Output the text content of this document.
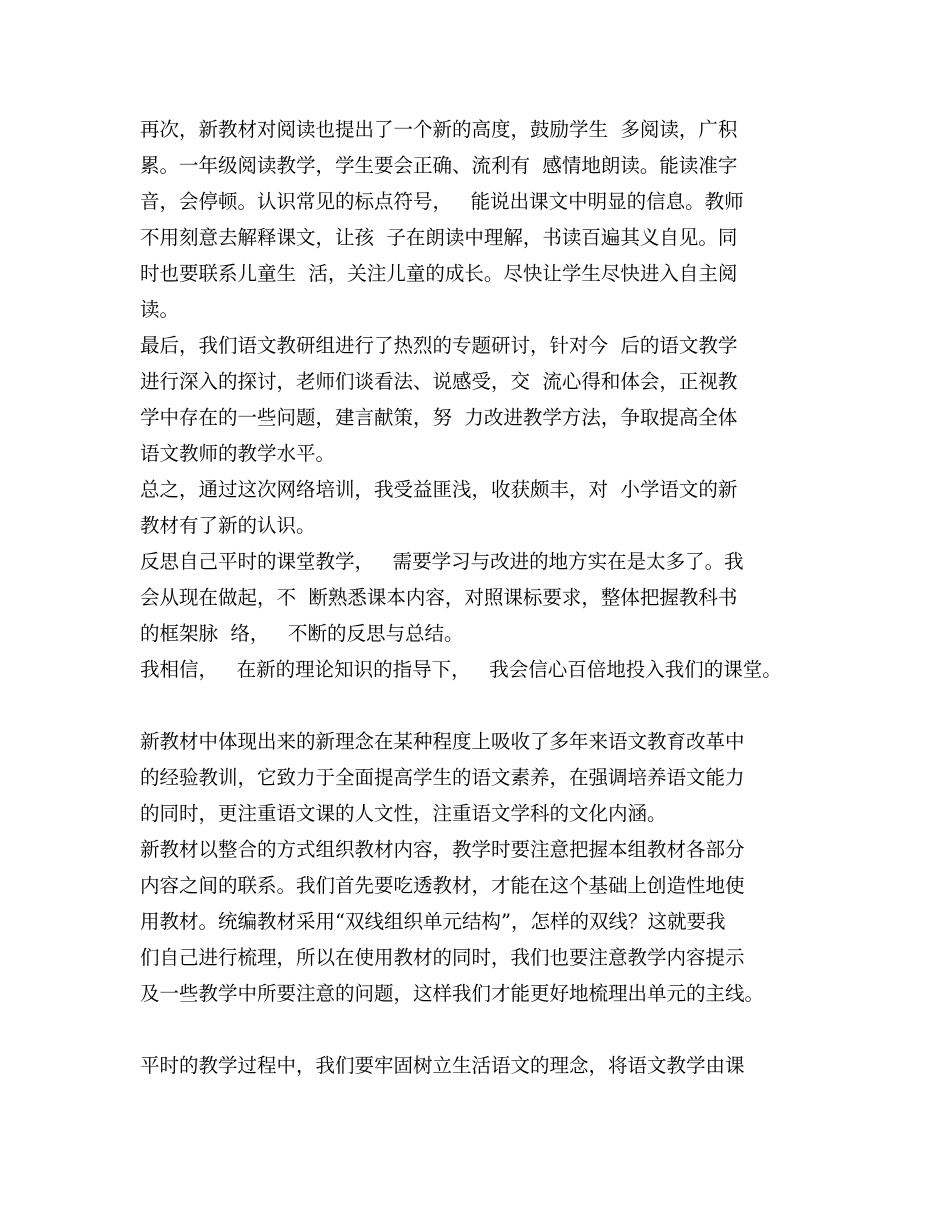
再次，新教材对阅读也提出了一个新的高度，鼓励学生  多阅读，广积
累。一年级阅读教学，学生要会正确、流利有  感情地朗读。能读准字
音，会停顿。认识常见的标点符号，   能说出课文中明显的信息。教师
不用刻意去解释课文，让孩  子在朗读中理解，书读百遍其义自见。同
时也要联系儿童生  活，关注儿童的成长。尽快让学生尽快进入自主阅
读。
最后，我们语文教研组进行了热烈的专题研讨，针对今  后的语文教学
进行深入的探讨，老师们谈看法、说感受，交  流心得和体会，正视教
学中存在的一些问题，建言献策，努  力改进教学方法，争取提高全体
语文教师的教学水平。
总之，通过这次网络培训，我受益匪浅，收获颇丰，对  小学语文的新
教材有了新的认识。
反思自己平时的课堂教学，   需要学习与改进的地方实在是太多了。我
会从现在做起，不  断熟悉课本内容，对照课标要求，整体把握教科书
的框架脉  络，   不断的反思与总结。
我相信，   在新的理论知识的指导下，   我会信心百倍地投入我们的课堂。
新教材中体现出来的新理念在某种程度上吸收了多年来语文教育改革中
的经验教训，它致力于全面提高学生的语文素养，在强调培养语文能力
的同时，更注重语文课的人文性，注重语文学科的文化内涵。
新教材以整合的方式组织教材内容，教学时要注意把握本组教材各部分
内容之间的联系。我们首先要吃透教材，才能在这个基础上创造性地使
用教材。统编教材采用“双线组织单元结构”，怎样的双线？这就要我
们自己进行梳理，所以在使用教材的同时，我们也要注意教学内容提示
及一些教学中所要注意的问题，这样我们才能更好地梳理出单元的主线。
平时的教学过程中，我们要牢固树立生活语文的理念，将语文教学由课
